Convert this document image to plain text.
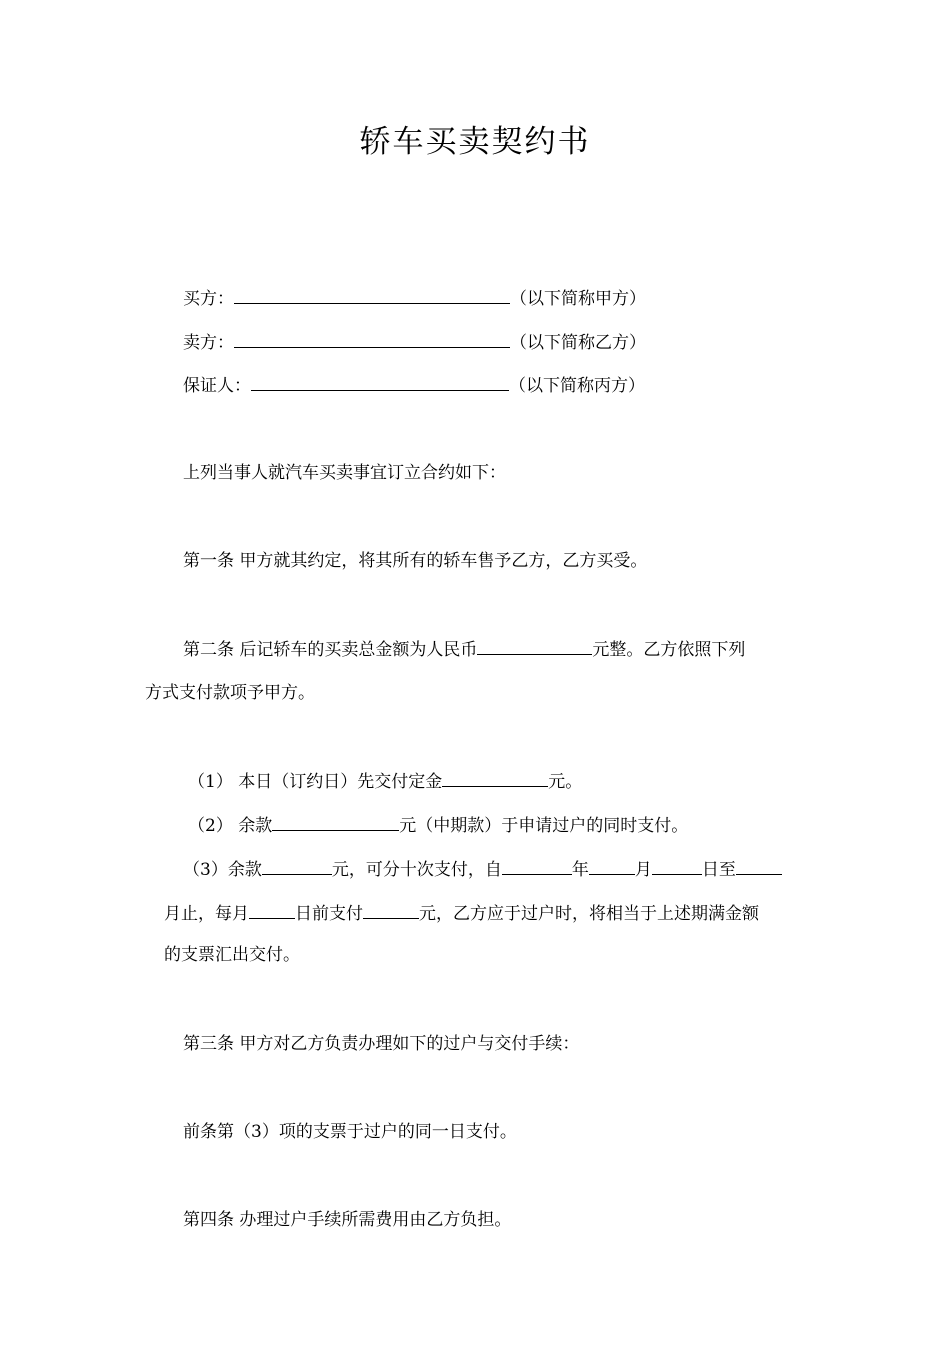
轿车买卖契约书
买方：	（以下简称甲方）
卖方：	（以下简称乙方）
保证人：	（以下简称丙方）
上列当事人就汽车买卖事宜订立合约如下：
第一条 甲方就其约定，将其所有的轿车售予乙方，乙方买受。
第二条 后记轿车的买卖总金额为人民币	元整。乙方依照下列
方式支付款项予甲方。
（1） 本日（订约日）先交付定金	元。
（2） 余款	元（中期款）于申请过户的同时支付。
（3）余款	元，可分十次支付，自	年	月	日至
月止，每月	日前支付	元，乙方应于过户时，将相当于上述期满金额
的支票汇出交付。
第三条 甲方对乙方负责办理如下的过户与交付手续：
前条第（3）项的支票于过户的同一日支付。
第四条 办理过户手续所需费用由乙方负担。
